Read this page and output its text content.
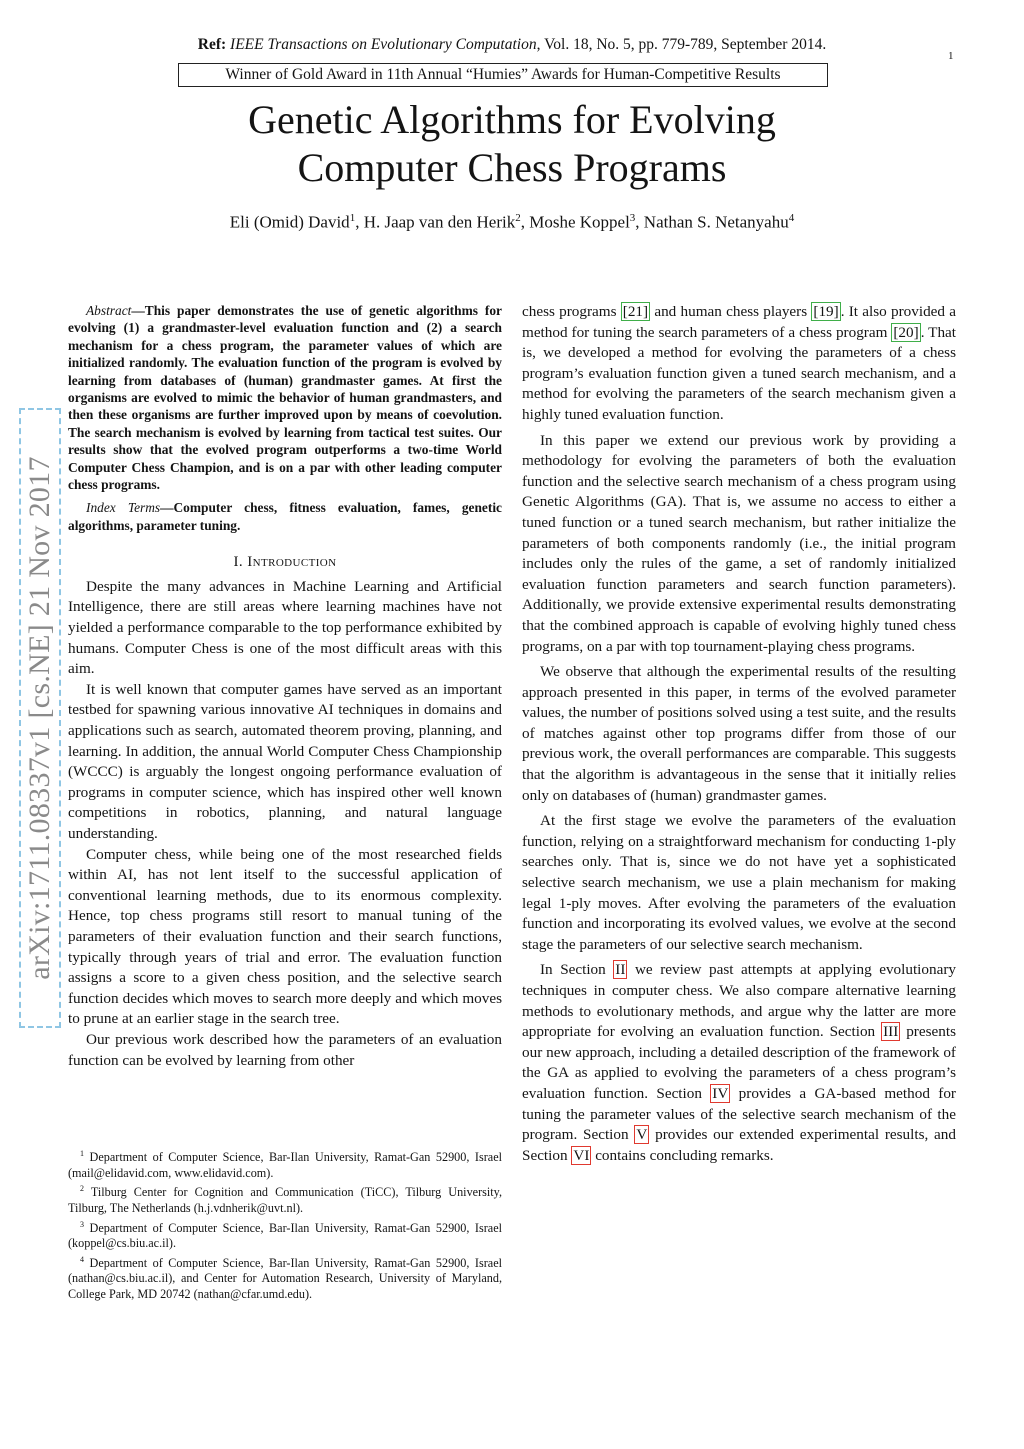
Ref: IEEE Transactions on Evolutionary Computation, Vol. 18, No. 5, pp. 779-789, September 2014.
1
Winner of Gold Award in 11th Annual “Humies” Awards for Human-Competitive Results
Genetic Algorithms for Evolving
Computer Chess Programs
Eli (Omid) David$^1$, H. Jaap van den Herik$^2$, Moshe Koppel$^3$, Nathan S. Netanyahu$^4$
arXiv:1711.08337v1 [cs.NE] 21 Nov 2017

Abstract—This paper demonstrates the use of genetic algorithms for evolving (1) a grandmaster-level evaluation function and (2) a search mechanism for a chess program, the parameter values of which are initialized randomly. The evaluation function of the program is evolved by learning from databases of (human) grandmaster games. At first the organisms are evolved to mimic the behavior of human grandmasters, and then these organisms are further improved upon by means of coevolution. The search mechanism is evolved by learning from tactical test suites. Our results show that the evolved program outperforms a two-time World Computer Chess Champion, and is on a par with other leading computer chess programs.

Index Terms—Computer chess, fitness evaluation, fames, genetic algorithms, parameter tuning.

I. Introduction

Despite the many advances in Machine Learning and Artificial Intelligence, there are still areas where learning machines have not yielded a performance comparable to the top performance exhibited by humans. Computer Chess is one of the most difficult areas with this aim.

It is well known that computer games have served as an important testbed for spawning various innovative AI techniques in domains and applications such as search, automated theorem proving, planning, and learning. In addition, the annual World Computer Chess Championship (WCCC) is arguably the longest ongoing performance evaluation of programs in computer science, which has inspired other well known competitions in robotics, planning, and natural language understanding.

Computer chess, while being one of the most researched fields within AI, has not lent itself to the successful application of conventional learning methods, due to its enormous complexity. Hence, top chess programs still resort to manual tuning of the parameters of their evaluation function and their search functions, typically through years of trial and error. The evaluation function assigns a score to a given chess position, and the selective search function decides which moves to search more deeply and which moves to prune at an earlier stage in the search tree.

Our previous work described how the parameters of an evaluation function can be evolved by learning from other

$^1$ Department of Computer Science, Bar-Ilan University, Ramat-Gan 52900, Israel (mail@elidavid.com, www.elidavid.com).

$^2$ Tilburg Center for Cognition and Communication (TiCC), Tilburg University, Tilburg, The Netherlands (h.j.vdnherik@uvt.nl).

$^3$ Department of Computer Science, Bar-Ilan University, Ramat-Gan 52900, Israel (koppel@cs.biu.ac.il).

$^4$ Department of Computer Science, Bar-Ilan University, Ramat-Gan 52900, Israel (nathan@cs.biu.ac.il), and Center for Automation Research, University of Maryland, College Park, MD 20742 (nathan@cfar.umd.edu).

chess programs [21] and human chess players [19] . It also provided a method for tuning the search parameters of a chess program [20] . That is, we developed a method for evolving the parameters of a chess program’s evaluation function given a tuned search mechanism, and a method for evolving the parameters of the search mechanism given a highly tuned evaluation function.

In this paper we extend our previous work by providing a methodology for evolving the parameters of both the evaluation function and the selective search mechanism of a chess program using Genetic Algorithms (GA). That is, we assume no access to either a tuned function or a tuned search mechanism, but rather initialize the parameters of both components randomly (i.e., the initial program includes only the rules of the game, a set of randomly initialized evaluation function parameters and search function parameters). Additionally, we provide extensive experimental results demonstrating that the combined approach is capable of evolving highly tuned chess programs, on a par with top tournament-playing chess programs.

We observe that although the experimental results of the resulting approach presented in this paper, in terms of the evolved parameter values, the number of positions solved using a test suite, and the results of matches against other top programs differ from those of our previous work, the overall performances are comparable. This suggests that the algorithm is advantageous in the sense that it initially relies only on databases of (human) grandmaster games.

At the first stage we evolve the parameters of the evaluation function, relying on a straightforward mechanism for conducting 1-ply searches only. That is, since we do not have yet a sophisticated selective search mechanism, we use a plain mechanism for making legal 1-ply moves. After evolving the parameters of the evaluation function and incorporating its evolved values, we evolve at the second stage the parameters of our selective search mechanism.

In Section II we review past attempts at applying evolutionary techniques in computer chess. We also compare alternative learning methods to evolutionary methods, and argue why the latter are more appropriate for evolving an evaluation function. Section III presents our new approach, including a detailed description of the framework of the GA as applied to evolving the parameters of a chess program’s evaluation function. Section IV provides a GA-based method for tuning the parameter values of the selective search mechanism of the program. Section V provides our extended experimental results, and Section VI contains concluding remarks.
